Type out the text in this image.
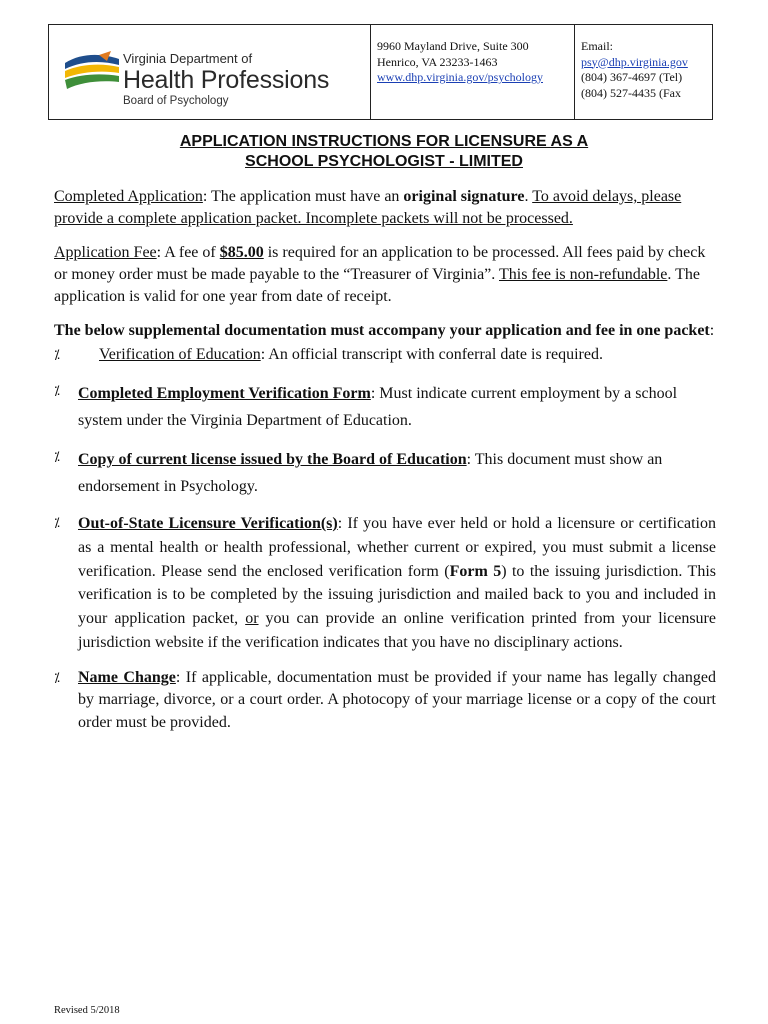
Virginia Department of
Health Professions
Board of Psychology
9960 Mayland Drive, Suite 300
Henrico, VA 23233-1463
www.dhp.virginia.gov/psychology
Email:
psy@dhp.virginia.gov
(804) 367-4697 (Tel)
(804) 527-4435 (Fax
APPLICATION INSTRUCTIONS FOR LICENSURE AS A
SCHOOL PSYCHOLOGIST - LIMITED

Completed Application: The application must have an original signature. To avoid delays, please provide a complete application packet. Incomplete packets will not be processed.

Application Fee: A fee of $85.00 is required for an application to be processed. All fees paid by check or money order must be made payable to the “Treasurer of Virginia”. This fee is non-refundable. The application is valid for one year from date of receipt.

The below supplemental documentation must accompany your application and fee in one packet:

⁒ Verification of Education: An official transcript with conferral date is required.
⁒ Completed Employment Verification Form: Must indicate current employment by a school system under the Virginia Department of Education.
⁒ Copy of current license issued by the Board of Education: This document must show an endorsement in Psychology.
⁒ Out-of-State Licensure Verification(s): If you have ever held or hold a licensure or certification as a mental health or health professional, whether current or expired, you must submit a license verification. Please send the enclosed verification form (Form 5) to the issuing jurisdiction. This verification is to be completed by the issuing jurisdiction and mailed back to you and included in your application packet, or you can provide an online verification printed from your licensure jurisdiction website if the verification indicates that you have no disciplinary actions.
⁒ Name Change: If applicable, documentation must be provided if your name has legally changed by marriage, divorce, or a court order. A photocopy of your marriage license or a copy of the court order must be provided.
Revised 5/2018
